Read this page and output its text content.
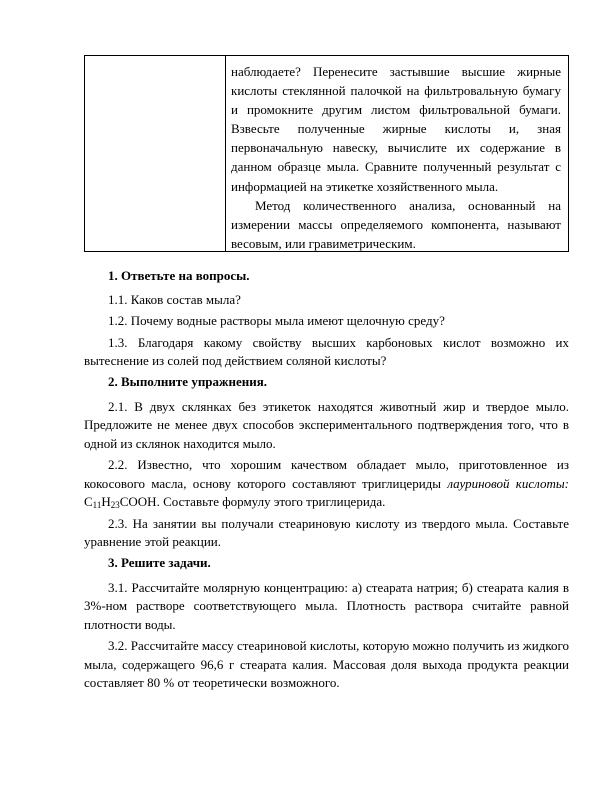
наблюдаете? Перенесите застывшие высшие жирные кислоты стеклянной палочкой на фильтровальную бумагу и промокните другим листом фильтровальной бумаги. Взвесьте полученные жирные кислоты и, зная первоначальную навеску, вычислите их содержание в данном образце мыла. Сравните полученный результат с информацией на этикетке хозяйственного мыла.

Метод количественного анализа, основанный на измерении массы определяемого компонента, называют весовым, или гравиметрическим.

1. Ответьте на вопросы.

1.1. Каков состав мыла?

1.2. Почему водные растворы мыла имеют щелочную среду?

1.3. Благодаря какому свойству высших карбоновых кислот возможно их вытеснение из солей под действием соляной кислоты?

2. Выполните упражнения.

2.1. В двух склянках без этикеток находятся животный жир и твердое мыло. Предложите не менее двух способов экспериментального подтверждения того, что в одной из склянок находится мыло.

2.2. Известно, что хорошим качеством обладает мыло, приготовленное из кокосового масла, основу которого составляют триглицериды лауриновой кислоты: $C_{11}H_{23}COOH$. Составьте формулу этого триглицерида.

2.3. На занятии вы получали стеариновую кислоту из твердого мыла. Составьте уравнение этой реакции.

3. Решите задачи.

3.1. Рассчитайте молярную концентрацию: а) стеарата натрия; б) стеарата калия в 3%-ном растворе соответствующего мыла. Плотность раствора считайте равной плотности воды.

3.2. Рассчитайте массу стеариновой кислоты, которую можно получить из жидкого мыла, содержащего 96,6 г стеарата калия. Массовая доля выхода продукта реакции составляет 80 % от теоретически возможного.
